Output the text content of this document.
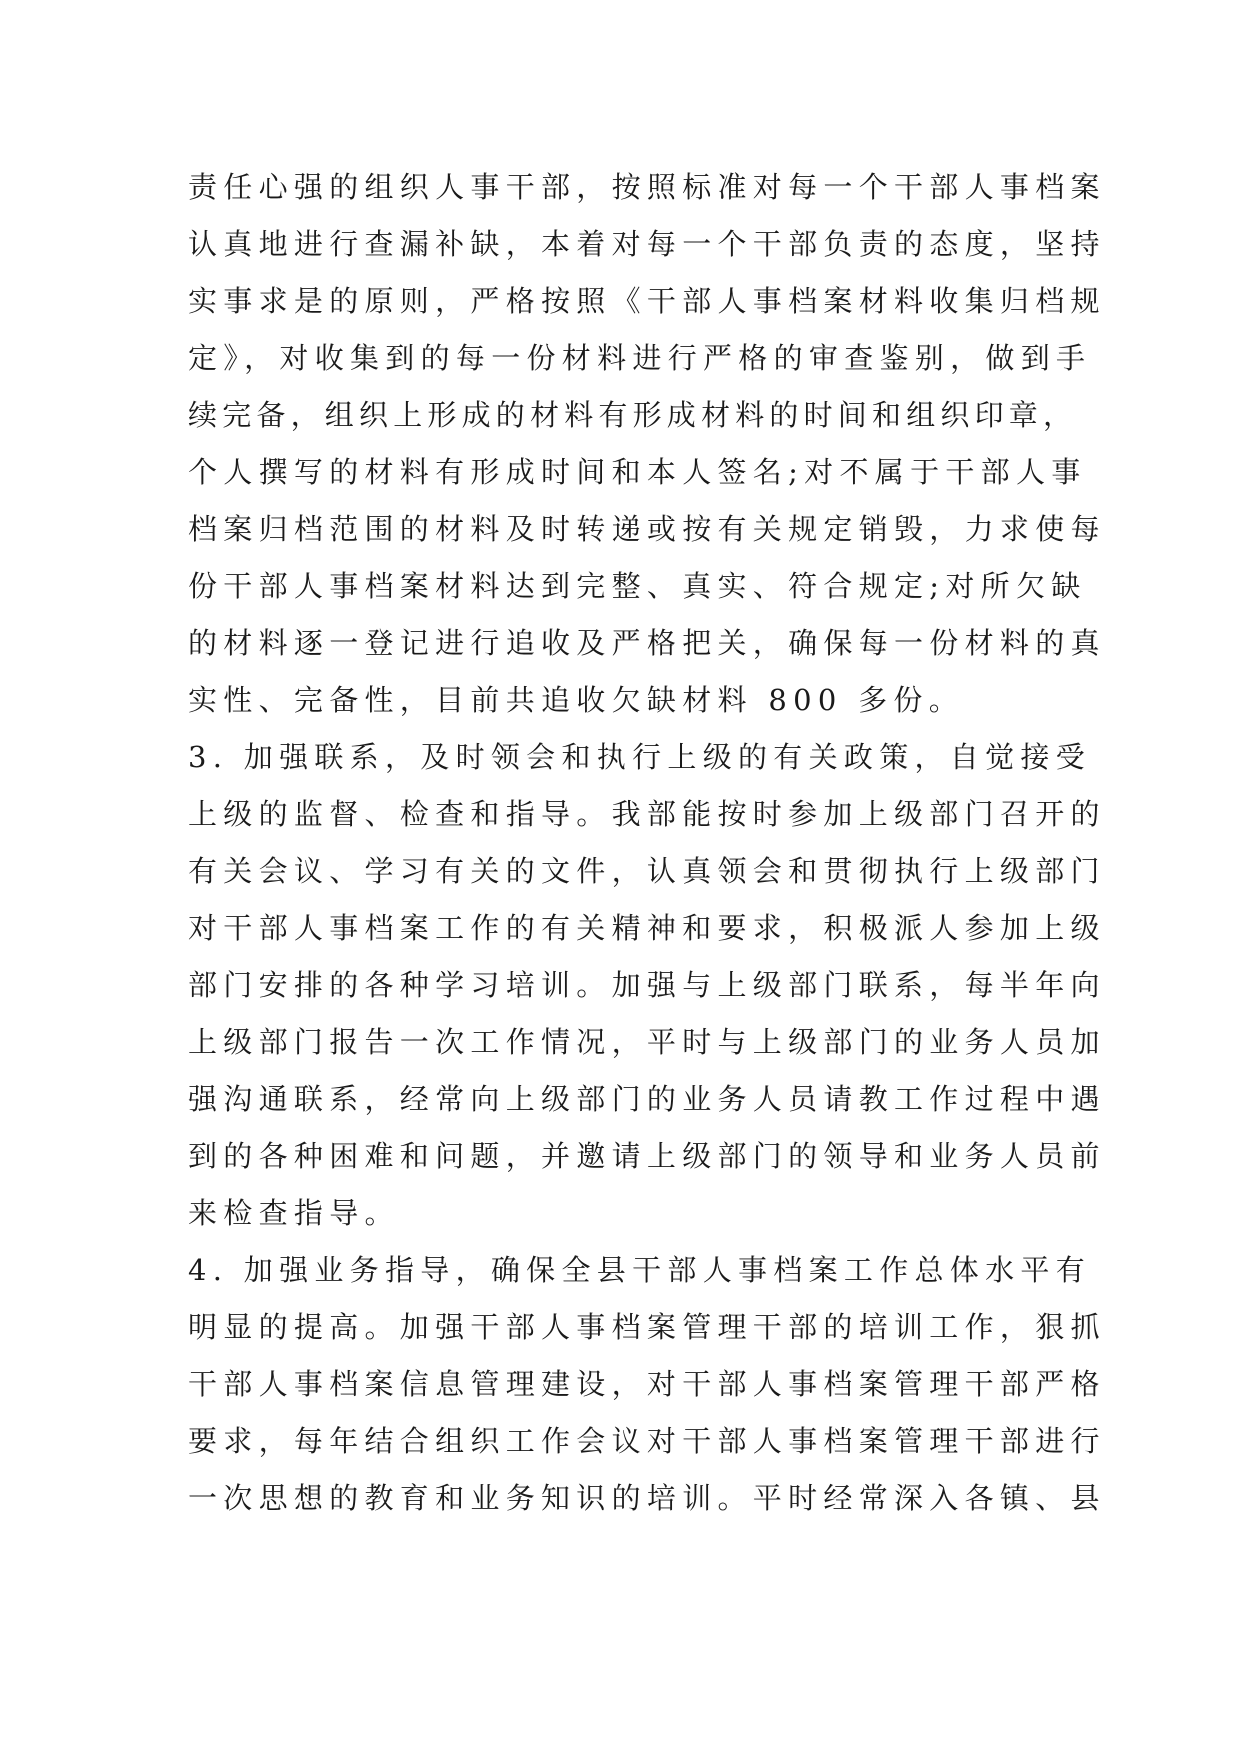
责任心强的组织人事干部，按照标准对每一个干部人事档案
认真地进行查漏补缺，本着对每一个干部负责的态度，坚持
实事求是的原则，严格按照《干部人事档案材料收集归档规
定》，对收集到的每一份材料进行严格的审查鉴别，做到手
续完备，组织上形成的材料有形成材料的时间和组织印章，
个人撰写的材料有形成时间和本人签名;对不属于干部人事
档案归档范围的材料及时转递或按有关规定销毁，力求使每
份干部人事档案材料达到完整、真实、符合规定;对所欠缺
的材料逐一登记进行追收及严格把关，确保每一份材料的真
实性、完备性，目前共追收欠缺材料 800 多份。
3. 加强联系，及时领会和执行上级的有关政策，自觉接受
上级的监督、检查和指导。我部能按时参加上级部门召开的
有关会议、学习有关的文件，认真领会和贯彻执行上级部门
对干部人事档案工作的有关精神和要求，积极派人参加上级
部门安排的各种学习培训。加强与上级部门联系，每半年向
上级部门报告一次工作情况，平时与上级部门的业务人员加
强沟通联系，经常向上级部门的业务人员请教工作过程中遇
到的各种困难和问题，并邀请上级部门的领导和业务人员前
来检查指导。
4. 加强业务指导，确保全县干部人事档案工作总体水平有
明显的提高。加强干部人事档案管理干部的培训工作，狠抓
干部人事档案信息管理建设，对干部人事档案管理干部严格
要求，每年结合组织工作会议对干部人事档案管理干部进行
一次思想的教育和业务知识的培训。平时经常深入各镇、县
